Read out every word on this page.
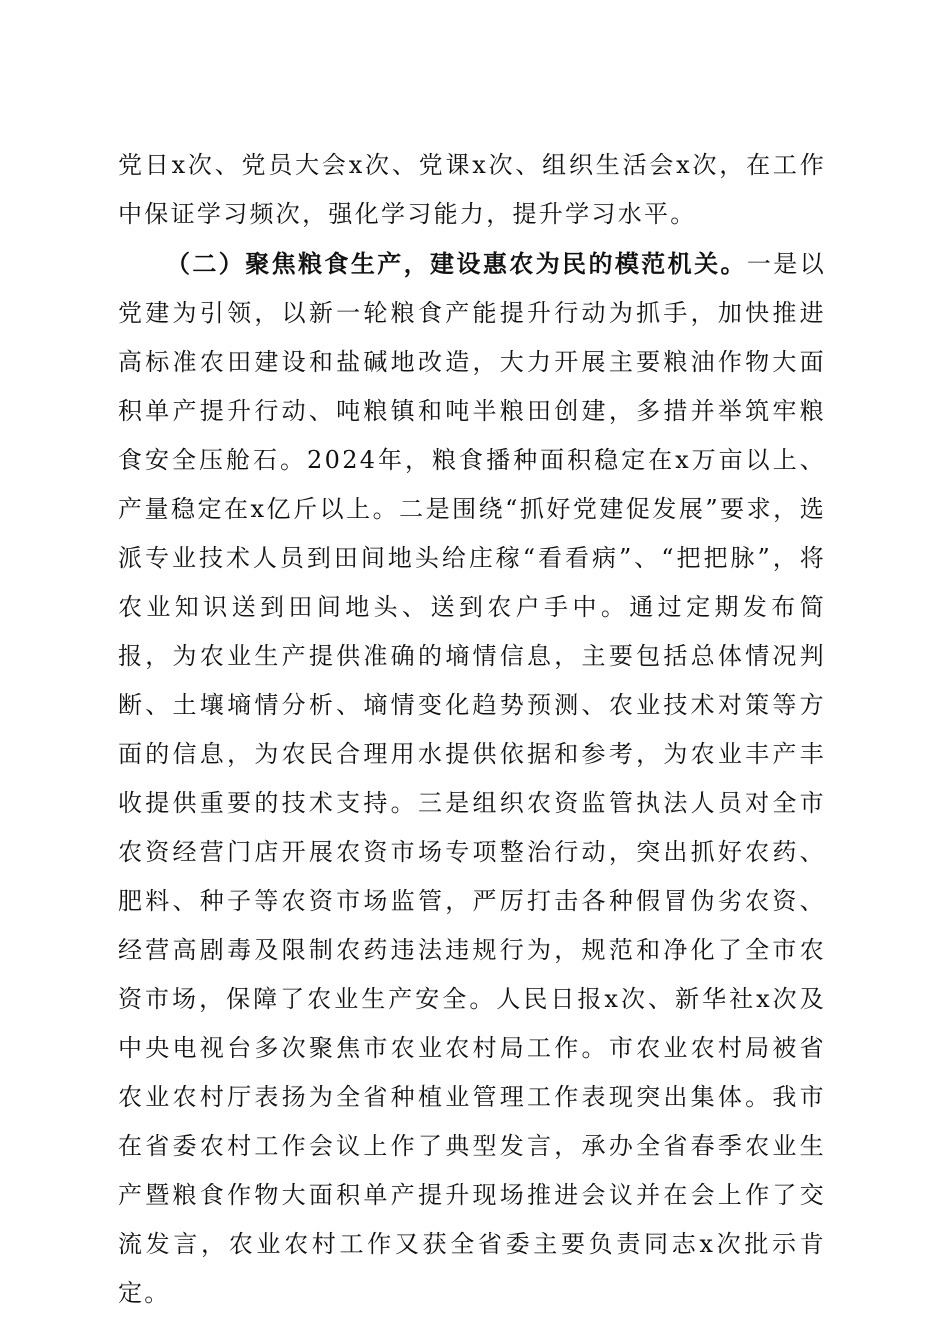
党日x次、党员大会x次、党课x次、组织生活会x次，在工作中保证学习频次，强化学习能力，提升学习水平。

（二）聚焦粮食生产，建设惠农为民的模范机关。一是以党建为引领，以新一轮粮食产能提升行动为抓手，加快推进高标准农田建设和盐碱地改造，大力开展主要粮油作物大面积单产提升行动、吨粮镇和吨半粮田创建，多措并举筑牢粮食安全压舱石。2024年，粮食播种面积稳定在x万亩以上、产量稳定在x亿斤以上。二是围绕“抓好党建促发展”要求，选派专业技术人员到田间地头给庄稼“看看病”、“把把脉”，将农业知识送到田间地头、送到农户手中。通过定期发布简报，为农业生产提供准确的墒情信息，主要包括总体情况判断、土壤墒情分析、墒情变化趋势预测、农业技术对策等方面的信息，为农民合理用水提供依据和参考，为农业丰产丰收提供重要的技术支持。三是组织农资监管执法人员对全市农资经营门店开展农资市场专项整治行动，突出抓好农药、肥料、种子等农资市场监管，严厉打击各种假冒伪劣农资、经营高剧毒及限制农药违法违规行为，规范和净化了全市农资市场，保障了农业生产安全。人民日报x次、新华社x次及中央电视台多次聚焦市农业农村局工作。市农业农村局被省农业农村厅表扬为全省种植业管理工作表现突出集体。我市在省委农村工作会议上作了典型发言，承办全省春季农业生产暨粮食作物大面积单产提升现场推进会议并在会上作了交流发言，农业农村工作又获全省委主要负责同志x次批示肯定。
